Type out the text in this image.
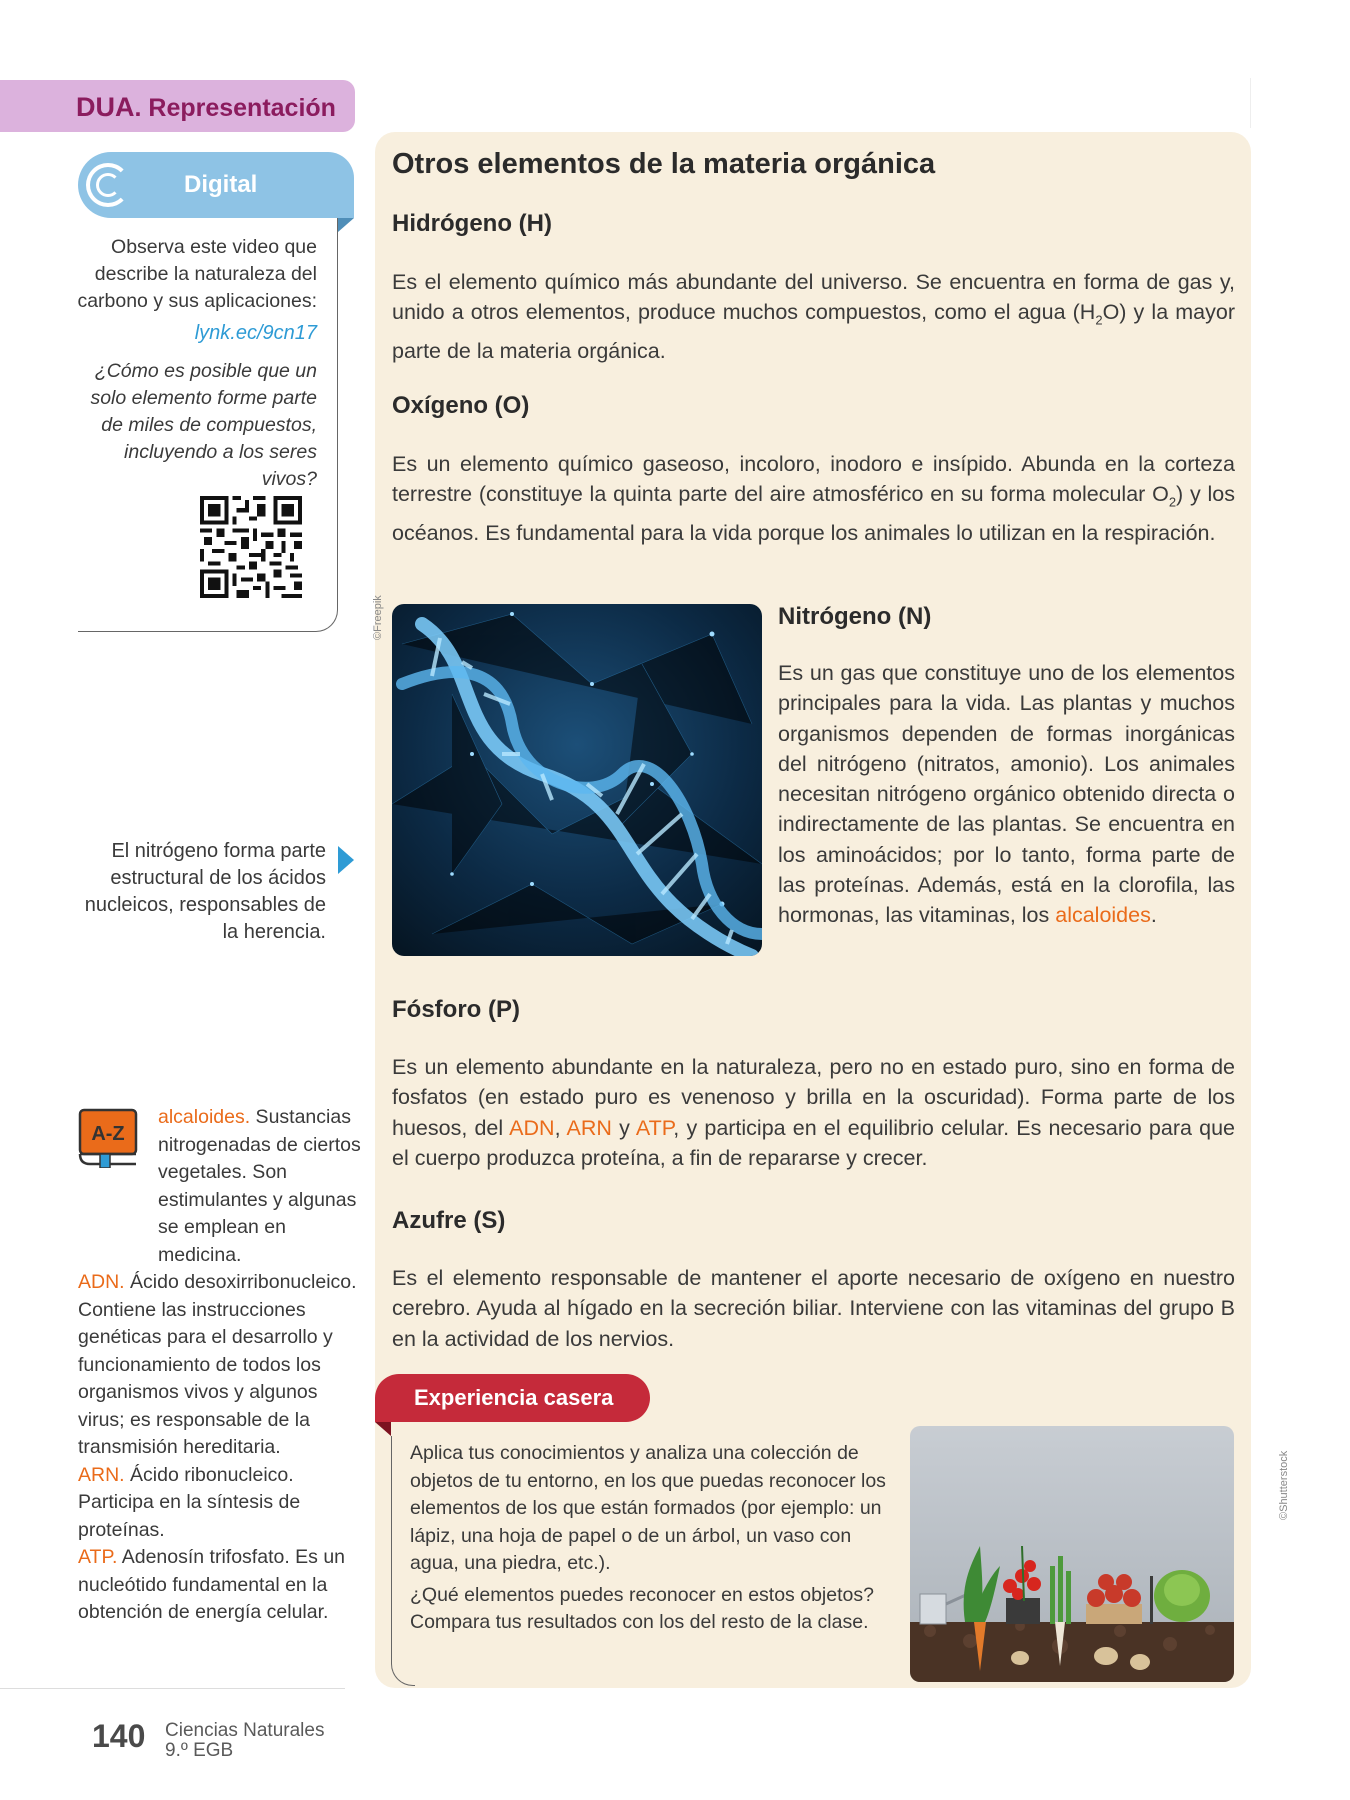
DUA. Representación
Digital
Observa este video que describe la naturaleza del carbono y sus aplicaciones:
lynk.ec/9cn17
¿Cómo es posible que un solo elemento forme parte de miles de compuestos, incluyendo a los seres vivos?
El nitrógeno forma parte estructural de los ácidos nucleicos, responsables de la herencia.
A-Z
alcaloides. Sustancias nitrogenadas de ciertos vegetales. Son estimulantes y algunas se emplean en medicina.
ADN. Ácido desoxirribonucleico. Contiene las instrucciones genéticas para el desarrollo y funcionamiento de todos los organismos vivos y algunos virus; es responsable de la transmisión hereditaria.
ARN. Ácido ribonucleico. Participa en la síntesis de proteínas.
ATP. Adenosín trifosfato. Es un nucleótido fundamental en la obtención de energía celular.
140 Ciencias Naturales
9.º EGB
Otros elementos de la materia orgánica
Hidrógeno (H)
Es el elemento químico más abundante del universo. Se encuentra en forma de gas y, unido a otros elementos, produce muchos compuestos, como el agua $(H_2O)$ y la mayor parte de la materia orgánica.
Oxígeno (O)
Es un elemento químico gaseoso, incoloro, inodoro e insípido. Abunda en la corteza terrestre (constituye la quinta parte del aire atmosférico en su forma molecular $O_2$) y los océanos. Es fundamental para la vida porque los animales lo utilizan en la respiración.
©Freepik	Nitrógeno (N)
Es un gas que constituye uno de los elementos principales para la vida. Las plantas y muchos organismos dependen de formas inorgánicas del nitrógeno (nitratos, amonio). Los animales necesitan nitrógeno orgánico obtenido directa o indirectamente de las plantas. Se encuentra en los aminoácidos; por lo tanto, forma parte de las proteínas. Además, está en la clorofila, las hormonas, las vitaminas, los alcaloides.
Fósforo (P)
Es un elemento abundante en la naturaleza, pero no en estado puro, sino en forma de fosfatos (en estado puro es venenoso y brilla en la oscuridad). Forma parte de los huesos, del ADN, ARN y ATP, y participa en el equilibrio celular. Es necesario para que el cuerpo produzca proteína, a fin de repararse y crecer.
Azufre (S)
Es el elemento responsable de mantener el aporte necesario de oxígeno en nuestro cerebro. Ayuda al hígado en la secreción biliar. Interviene con las vitaminas del grupo B en la actividad de los nervios.
Experiencia casera

Aplica tus conocimientos y analiza una colección de objetos de tu entorno, en los que puedas reconocer los elementos de los que están formados (por ejemplo: un lápiz, una hoja de papel o de un árbol, un vaso con agua, una piedra, etc.).

¿Qué elementos puedes reconocer en estos objetos? Compara tus resultados con los del resto de la clase.

©Shutterstock
